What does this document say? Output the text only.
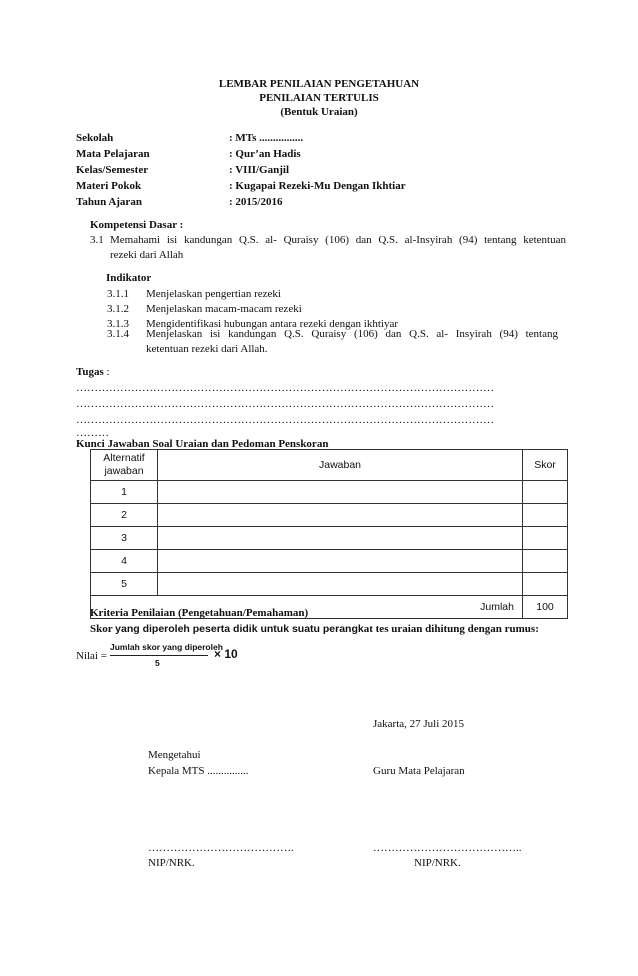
LEMBAR PENILAIAN PENGETAHUAN
PENILAIAN TERTULIS
(Bentuk Uraian)
Sekolah	: MTs ................
Mata Pelajaran	: Qur’an Hadis
Kelas/Semester	: VIII/Ganjil
Materi Pokok	: Kugapai Rezeki-Mu Dengan Ikhtiar
Tahun Ajaran	: 2015/2016
Kompetensi Dasar :
3.1 Memahami isi kandungan Q.S. al- Quraisy (106) dan Q.S. al-Insyirah (94) tentang ketentuan
rezeki dari Allah
Indikator
3.1.1 Menjelaskan pengertian rezeki
3.1.2 Menjelaskan macam-macam rezeki
3.1.3 Mengidentifikasi hubungan antara rezeki dengan ikhtiyar
3.1.4 Menjelaskan isi kandungan Q.S. Quraisy (106) dan Q.S. al- Insyirah (94) tentang
ketentuan rezeki dari Allah.
Tugas :
……………………………………………………………………………………………………
……………………………………………………………………………………………………
……………………………………………………………………………………………………
………
Kunci Jawaban Soal Uraian dan Pedoman Penskoran
Alternatif jawaban	Jawaban	Skor
1		
2		
3		
4		
5		
Jumlah		100
Kriteria Penilaian (Pengetahuan/Pemahaman)
Skor yang diperoleh peserta didik untuk suatu perangkat tes uraian dihitung dengan rumus:
Nilai =
Jumlah skor yang diperoleh
5
× 10
Jakarta, 27 Juli 2015
Mengetahui
Kepala MTS ...............	Guru Mata Pelajaran
………………………………….	…………………………………..
NIP/NRK.	NIP/NRK.
